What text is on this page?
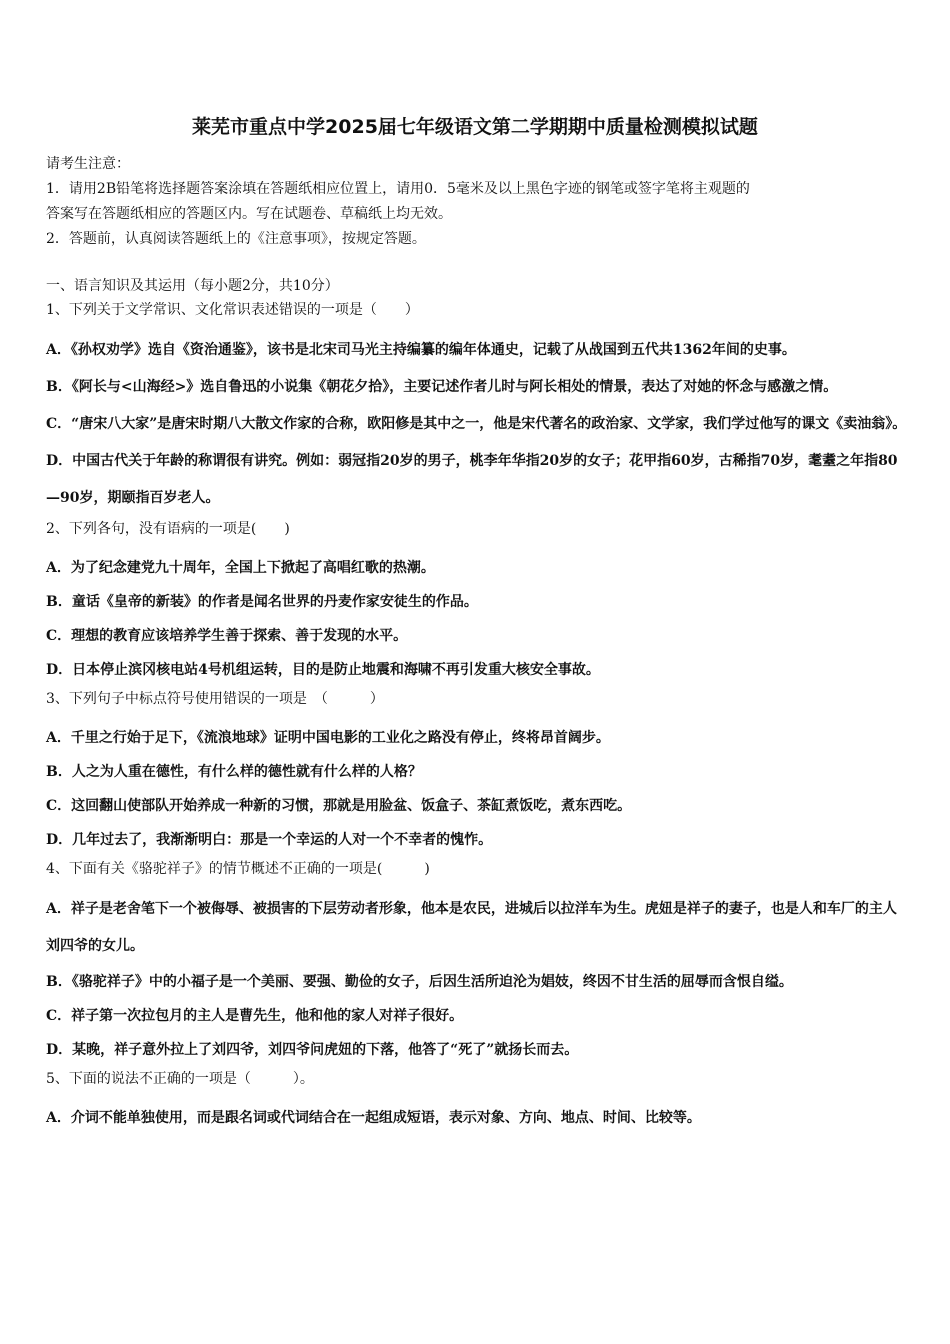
莱芜市重点中学2025届七年级语文第二学期期中质量检测模拟试题
请考生注意：
1．请用2B铅笔将选择题答案涂填在答题纸相应位置上，请用0．5毫米及以上黑色字迹的钢笔或签字笔将主观题的
答案写在答题纸相应的答题区内。写在试题卷、草稿纸上均无效。
2．答题前，认真阅读答题纸上的《注意事项》，按规定答题。
一、语言知识及其运用（每小题2分，共10分）
1、下列关于文学常识、文化常识表述错误的一项是（　　）
A．《孙权劝学》选自《资治通鉴》，该书是北宋司马光主持编纂的编年体通史，记载了从战国到五代共1362年间的史事。
B．《阿长与<山海经>》选自鲁迅的小说集《朝花夕拾》，主要记述作者儿时与阿长相处的情景，表达了对她的怀念与感激之情。
C．“唐宋八大家”是唐宋时期八大散文作家的合称，欧阳修是其中之一，他是宋代著名的政治家、文学家，我们学过他写的课文《卖油翁》。
D．中国古代关于年龄的称谓很有讲究。例如：弱冠指20岁的男子，桃李年华指20岁的女子；花甲指60岁，古稀指70岁，耄耋之年指80—90岁，期颐指百岁老人。
2、下列各句，没有语病的一项是(　　)
A．为了纪念建党九十周年，全国上下掀起了高唱红歌的热潮。
B．童话《皇帝的新装》的作者是闻名世界的丹麦作家安徒生的作品。
C．理想的教育应该培养学生善于探索、善于发现的水平。
D．日本停止滨冈核电站4号机组运转，目的是防止地震和海啸不再引发重大核安全事故。
3、下列句子中标点符号使用错误的一项是　（　　　）
A．千里之行始于足下，《流浪地球》证明中国电影的工业化之路没有停止，终将昂首阔步。
B．人之为人重在德性，有什么样的德性就有什么样的人格？
C．这回翻山使部队开始养成一种新的习惯，那就是用脸盆、饭盒子、茶缸煮饭吃，煮东西吃。
D．几年过去了，我渐渐明白：那是一个幸运的人对一个不幸者的愧怍。
4、下面有关《骆驼祥子》的情节概述不正确的一项是(　　　)
A．祥子是老舍笔下一个被侮辱、被损害的下层劳动者形象，他本是农民，进城后以拉洋车为生。虎妞是祥子的妻子，也是人和车厂的主人刘四爷的女儿。
B．《骆驼祥子》中的小福子是一个美丽、要强、勤俭的女子，后因生活所迫沦为娼妓，终因不甘生活的屈辱而含恨自缢。
C．祥子第一次拉包月的主人是曹先生，他和他的家人对祥子很好。
D．某晚，祥子意外拉上了刘四爷，刘四爷问虎妞的下落，他答了“死了”就扬长而去。
5、下面的说法不正确的一项是（　　　）。
A．介词不能单独使用，而是跟名词或代词结合在一起组成短语，表示对象、方向、地点、时间、比较等。
